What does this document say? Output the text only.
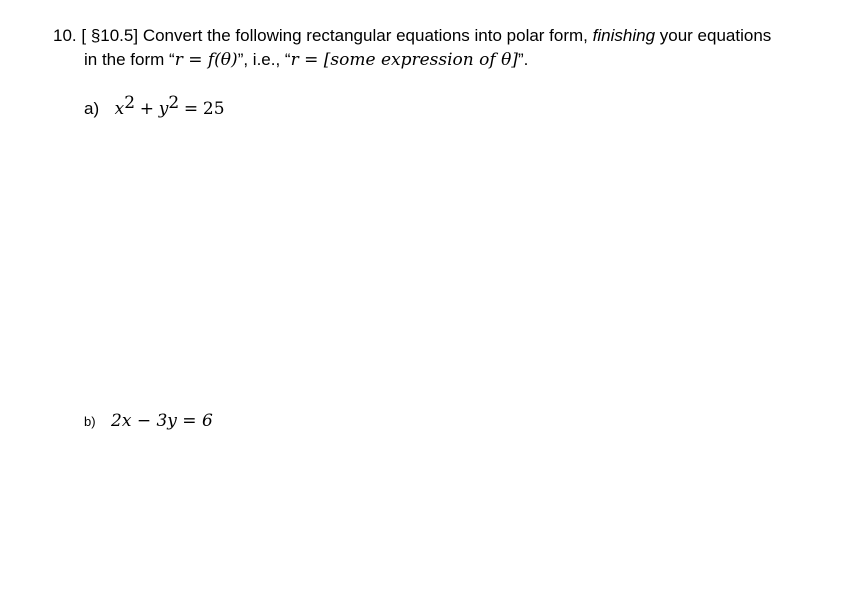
10. [ §10.5] Convert the following rectangular equations into polar form, finishing your equations
in the form “r = f(θ)”, i.e., “r = [some expression of θ]”.
a) $x^2 + y^2 = 25$
b) 2x − 3y = 6
